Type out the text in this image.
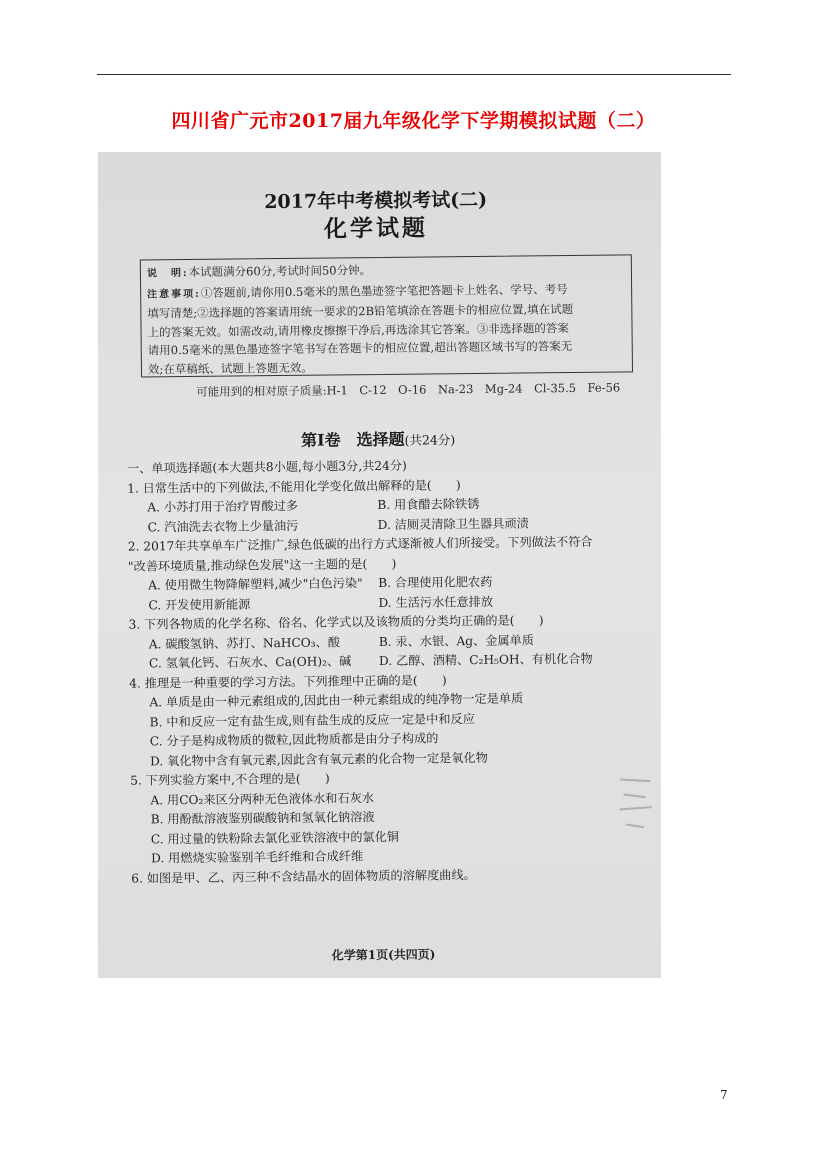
四川省广元市2017届九年级化学下学期模拟试题（二）
2017年中考模拟考试(二)
化学试题
说　明:本试题满分60分,考试时间50分钟。
注意事项:①答题前,请你用0.5毫米的黑色墨迹签字笔把答题卡上姓名、学号、考号
填写清楚;②选择题的答案请用统一要求的2B铅笔填涂在答题卡的相应位置,填在试题
上的答案无效。如需改动,请用橡皮擦擦干净后,再选涂其它答案。③非选择题的答案
请用0.5毫米的黑色墨迹签字笔书写在答题卡的相应位置,超出答题区域书写的答案无
效;在草稿纸、试题上答题无效。
可能用到的相对原子质量:H-1　C-12　O-16　Na-23　Mg-24　Cl-35.5　Fe-56
第Ⅰ卷　选择题(共24分)
一、单项选择题(本大题共8小题,每小题3分,共24分)
1. 日常生活中的下列做法,不能用化学变化做出解释的是(　　)
A. 小苏打用于治疗胃酸过多	B. 用食醋去除铁锈
C. 汽油洗去衣物上少量油污	D. 洁厕灵清除卫生器具顽渍
2. 2017年共享单车广泛推广,绿色低碳的出行方式逐渐被人们所接受。下列做法不符合
"改善环境质量,推动绿色发展"这一主题的是(　　)
A. 使用微生物降解塑料,减少"白色污染"	B. 合理使用化肥农药
C. 开发使用新能源	D. 生活污水任意排放
3. 下列各物质的化学名称、俗名、化学式以及该物质的分类均正确的是(　　)
A. 碳酸氢钠、苏打、NaHCO₃、酸	B. 汞、水银、Ag、金属单质
C. 氢氧化钙、石灰水、Ca(OH)₂、碱	D. 乙醇、酒精、C₂H₅OH、有机化合物
4. 推理是一种重要的学习方法。下列推理中正确的是(　　)
A. 单质是由一种元素组成的,因此由一种元素组成的纯净物一定是单质
B. 中和反应一定有盐生成,则有盐生成的反应一定是中和反应
C. 分子是构成物质的微粒,因此物质都是由分子构成的
D. 氧化物中含有氧元素,因此含有氧元素的化合物一定是氧化物
5. 下列实验方案中,不合理的是(　　)
A. 用CO₂来区分两种无色液体水和石灰水
B. 用酚酞溶液鉴别碳酸钠和氢氧化钠溶液
C. 用过量的铁粉除去氯化亚铁溶液中的氯化铜
D. 用燃烧实验鉴别羊毛纤维和合成纤维
6. 如图是甲、乙、丙三种不含结晶水的固体物质的溶解度曲线。
化学第1页(共四页)
7
